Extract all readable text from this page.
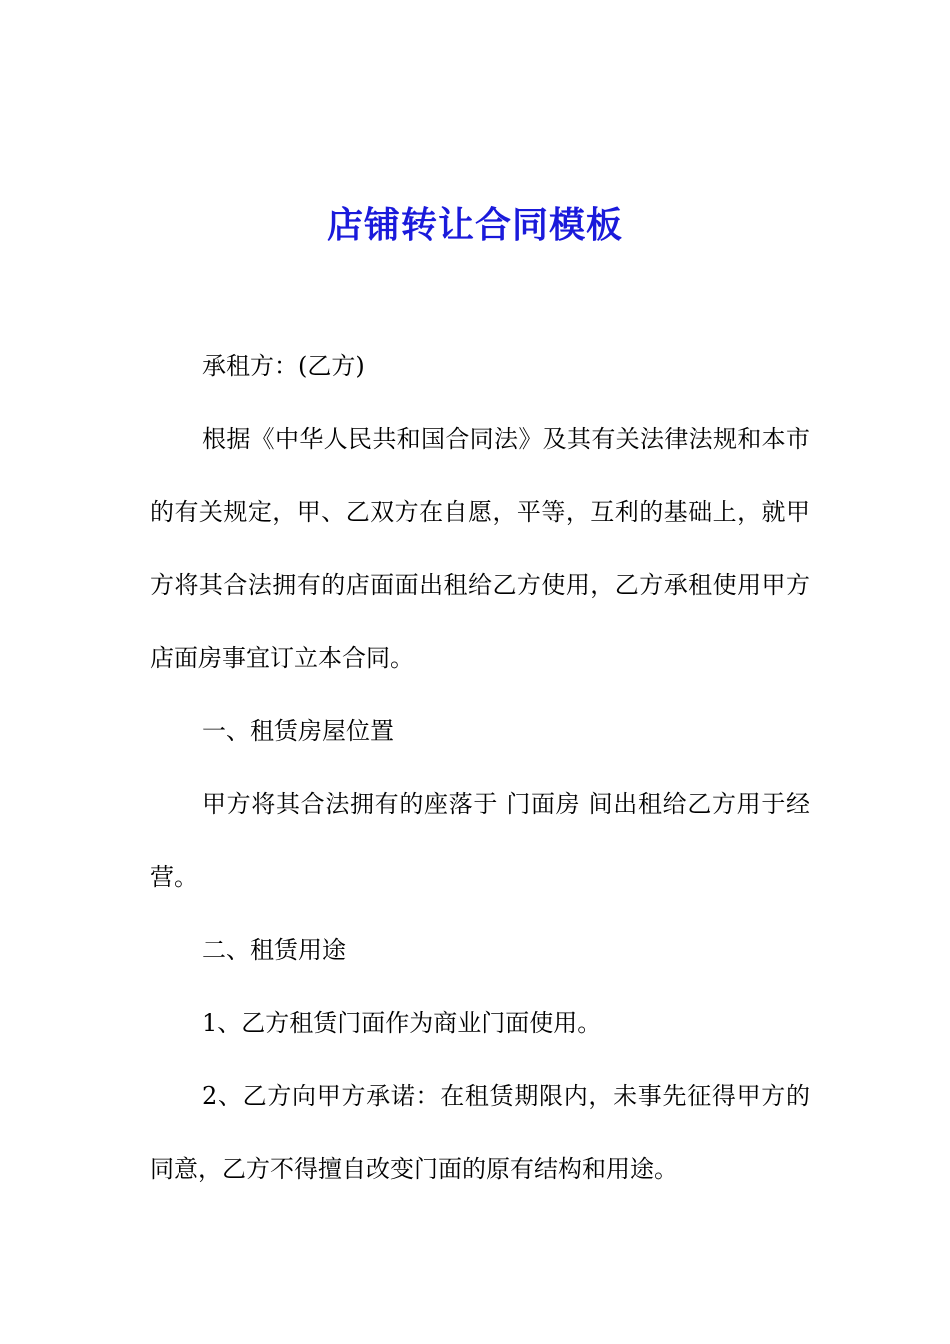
店铺转让合同模板

承租方：(乙方)

根据《中华人民共和国合同法》及其有关法律法规和本市的有关规定，甲、乙双方在自愿，平等，互利的基础上，就甲方将其合法拥有的店面面出租给乙方使用，乙方承租使用甲方店面房事宜订立本合同。

一、租赁房屋位置

甲方将其合法拥有的座落于 门面房 间出租给乙方用于经营。

二、租赁用途

1、乙方租赁门面作为商业门面使用。

2、乙方向甲方承诺：在租赁期限内，未事先征得甲方的同意，乙方不得擅自改变门面的原有结构和用途。
